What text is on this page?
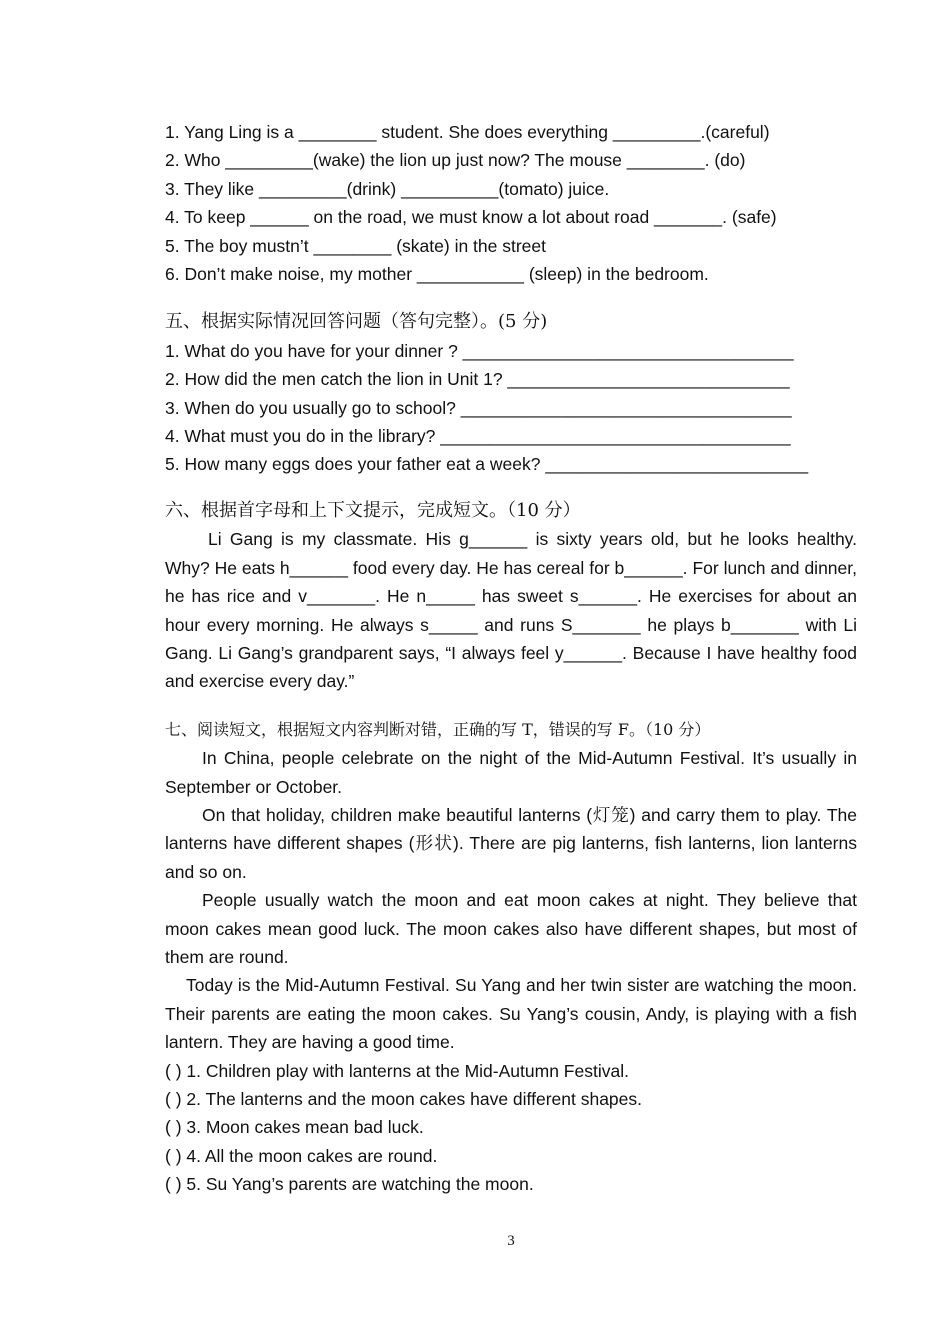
1. Yang Ling is a ________ student. She does everything _________.(careful)
2. Who _________(wake) the lion up just now? The mouse ________. (do)
3. They like _________(drink) __________(tomato) juice.
4. To keep ______ on the road, we must know a lot about road _______. (safe)
5. The boy mustn’t ________ (skate) in the street
6. Don’t make noise, my mother ___________ (sleep) in the bedroom.
五、根据实际情况回答问题（答句完整）。(5 分)
1. What do you have for your dinner ? __________________________________
2. How did the men catch the lion in Unit 1? _____________________________
3. When do you usually go to school? __________________________________
4. What must you do in the library? ____________________________________
5. How many eggs does your father eat a week? ___________________________
六、根据首字母和上下文提示，完成短文。（10 分）
Li Gang is my classmate. His g______ is sixty years old, but he looks healthy. Why? He eats h______ food every day. He has cereal for b______. For lunch and dinner, he has rice and v_______. He n_____ has sweet s______. He exercises for about an hour every morning. He always s_____ and runs S_______ he plays b_______ with Li Gang. Li Gang’s grandparent says, “I always feel y______. Because I have healthy food and exercise every day.”
七、阅读短文，根据短文内容判断对错，正确的写 T，错误的写 F。（10 分）
In China, people celebrate on the night of the Mid-Autumn Festival. It’s usually in September or October.
On that holiday, children make beautiful lanterns (灯笼) and carry them to play. The lanterns have different shapes (形状). There are pig lanterns, fish lanterns, lion lanterns and so on.
People usually watch the moon and eat moon cakes at night. They believe that moon cakes mean good luck. The moon cakes also have different shapes, but most of them are round.
Today is the Mid-Autumn Festival. Su Yang and her twin sister are watching the moon. Their parents are eating the moon cakes. Su Yang’s cousin, Andy, is playing with a fish lantern. They are having a good time.
( ) 1. Children play with lanterns at the Mid-Autumn Festival.
( ) 2. The lanterns and the moon cakes have different shapes.
( ) 3. Moon cakes mean bad luck.
( ) 4. All the moon cakes are round.
( ) 5. Su Yang’s parents are watching the moon.
3
